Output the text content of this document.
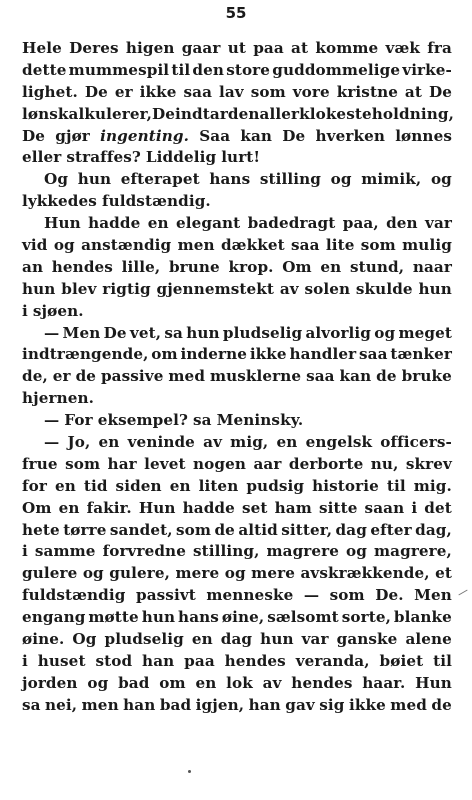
55
Hele Deres higen gaar ut paa at komme væk fra
dette mummespil til den store guddommelige virke-
lighet. De er ikke saa lav som vore kristne at De
lønskalkulerer, De indtar den allerklokeste holdning,
De gjør ingenting. Saa kan De hverken lønnes
eller straffes? Liddelig lurt!
Og hun efterapet hans stilling og mimik, og
lykkedes fuldstændig.
Hun hadde en elegant badedragt paa, den var
vid og anstændig men dækket saa lite som mulig
an hendes lille, brune krop. Om en stund, naar
hun blev rigtig gjennemstekt av solen skulde hun
i sjøen.
— Men De vet, sa hun pludselig alvorlig og meget
indtrængende, om inderne ikke handler saa tænker
de, er de passive med musklerne saa kan de bruke
hjernen.
— For eksempel? sa Meninsky.
— Jo, en veninde av mig, en engelsk officers-
frue som har levet nogen aar derborte nu, skrev
for en tid siden en liten pudsig historie til mig.
Om en fakir. Hun hadde set ham sitte saan i det
hete tørre sandet, som de altid sitter, dag efter dag,
i samme forvredne stilling, magrere og magrere,
gulere og gulere, mere og mere avskrækkende, et
fuldstændig passivt menneske — som De. Men
engang møtte hun hans øine, sælsomt sorte, blanke
øine. Og pludselig en dag hun var ganske alene
i huset stod han paa hendes veranda, bøiet til
jorden og bad om en lok av hendes haar. Hun
sa nei, men han bad igjen, han gav sig ikke med de
